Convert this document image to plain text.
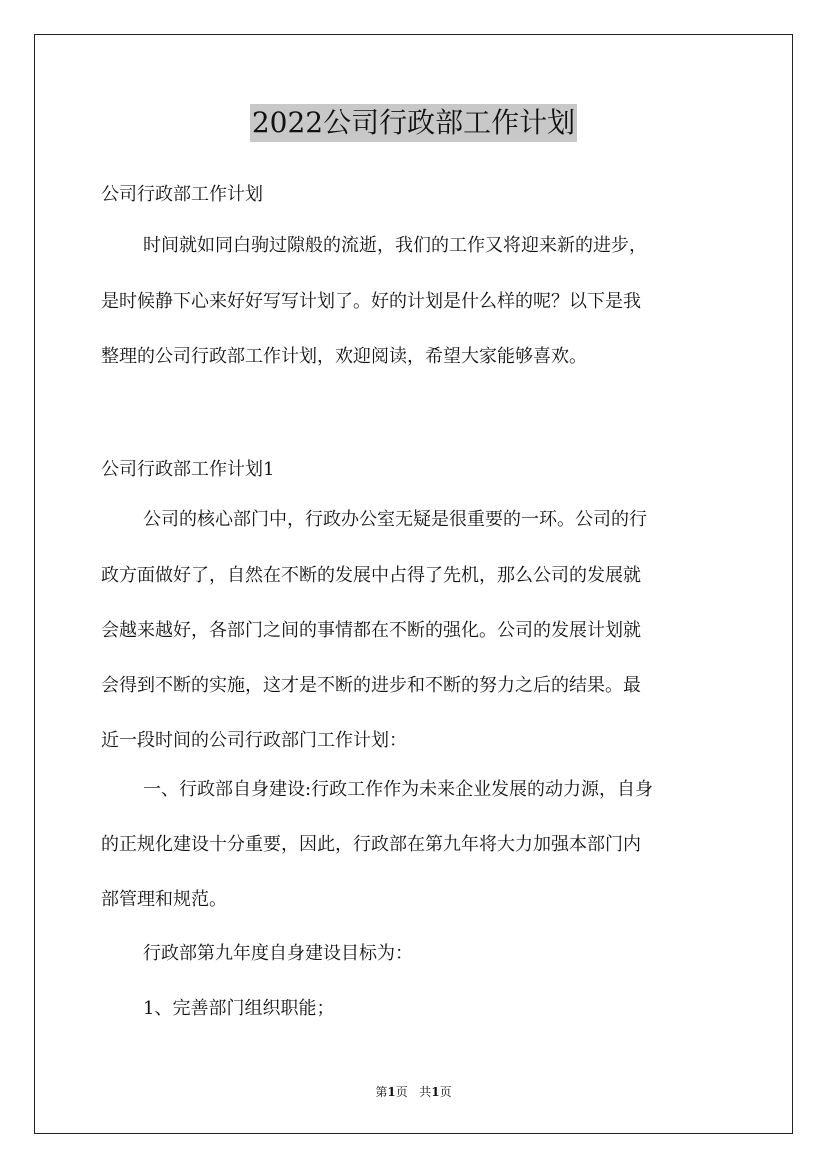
2022公司行政部工作计划
公司行政部工作计划
时间就如同白驹过隙般的流逝，我们的工作又将迎来新的进步，
是时候静下心来好好写写计划了。好的计划是什么样的呢？以下是我
整理的公司行政部工作计划，欢迎阅读，希望大家能够喜欢。
公司行政部工作计划1
公司的核心部门中，行政办公室无疑是很重要的一环。公司的行
政方面做好了，自然在不断的发展中占得了先机，那么公司的发展就
会越来越好，各部门之间的事情都在不断的强化。公司的发展计划就
会得到不断的实施，这才是不断的进步和不断的努力之后的结果。最
近一段时间的公司行政部门工作计划：
一、行政部自身建设:行政工作作为未来企业发展的动力源，自身
的正规化建设十分重要，因此，行政部在第九年将大力加强本部门内
部管理和规范。
行政部第九年度自身建设目标为：
1、完善部门组织职能；
第1页 共1页
